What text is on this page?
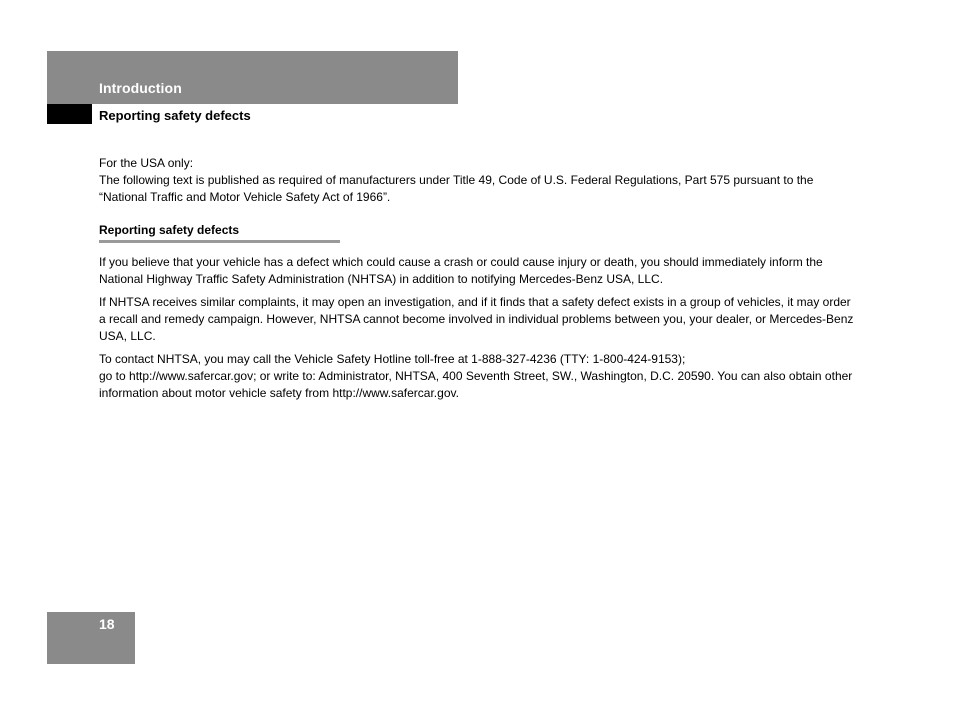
Introduction
Reporting safety defects

For the USA only:

The following text is published as required of manufacturers under Title 49, Code of U.S. Federal Regulations, Part 575 pursuant to the “National Traffic and Motor Vehicle Safety Act of 1966”.

Reporting safety defects

If you believe that your vehicle has a defect which could cause a crash or could cause injury or death, you should immediately inform the National Highway Traffic Safety Administration (NHTSA) in addition to notifying Mercedes-Benz USA, LLC.

If NHTSA receives similar complaints, it may open an investigation, and if it finds that a safety defect exists in a group of vehicles, it may order a recall and remedy campaign. However, NHTSA cannot become involved in individual problems between you, your dealer, or Mercedes-Benz USA, LLC.

To contact NHTSA, you may call the Vehicle Safety Hotline toll-free at 1-888-327-4236 (TTY: 1-800-424-9153);
go to http://www.safercar.gov; or write to: Administrator, NHTSA, 400 Seventh Street, SW., Washington, D.C. 20590. You can also obtain other information about motor vehicle safety from http://www.safercar.gov.

18
